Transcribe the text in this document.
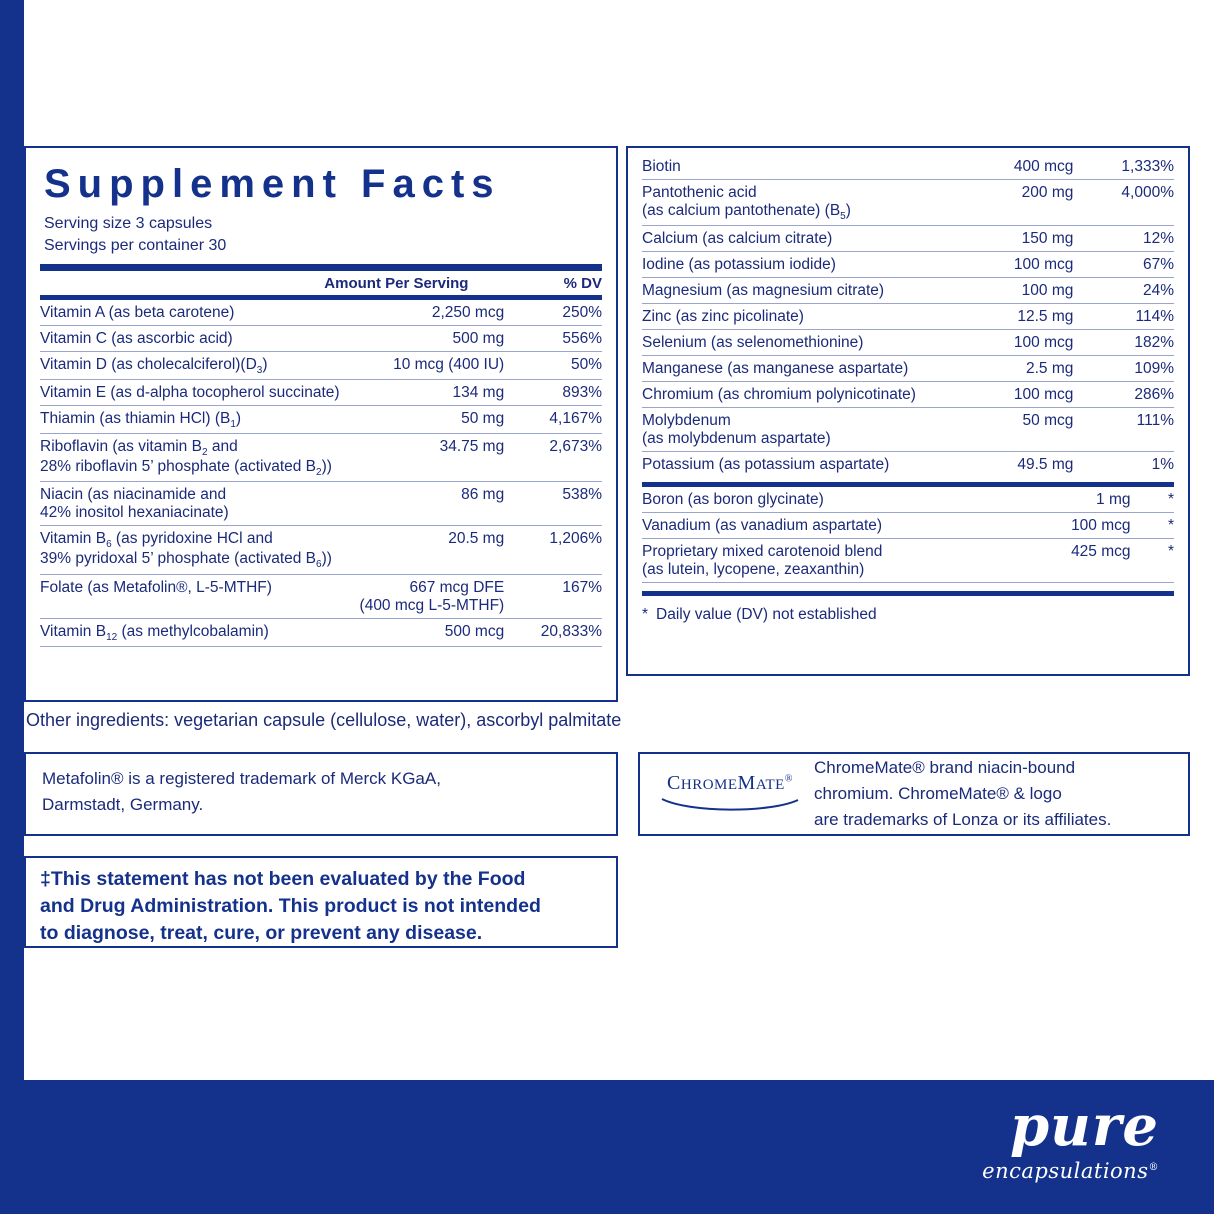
Supplement Facts
Serving size 3 capsules
Servings per container 30
	Amount Per Serving	% DV
Vitamin A (as beta carotene)	2,250 mcg	250%
Vitamin C (as ascorbic acid)	500 mg	556%
Vitamin D (as $cholecalciferol)(D_3)$	10 mcg (400 IU)	50%
Vitamin E (as d-alpha tocopherol succinate)	134 mg	893%
Thiamin (as thiamin HCl) $(B_1)$	50 mg	4,167%
Riboflavin (as vitamin $B_2$ and	34.75 mg	2,673%
28% riboflavin 5’ phosphate (activated $B_2$))		
Niacin (as niacinamide and	86 mg	538%
42% inositol hexaniacinate)		
Vitamin $B_6$ (as pyridoxine HCl and	20.5 mg	1,206%
39% pyridoxal 5’ phosphate (activated $B_6$))		
Folate (as Metafolin®, L-5-MTHF)	667 mcg DFE	167%
	(400 mcg L-5-MTHF)	
Vitamin $B_{12}$ (as methylcobalamin)	500 mcg	20,833%
Biotin	400 mcg	1,333%
Pantothenic acid	200 mg	4,000%
(as calcium pantothenate) $(B_5)$		
Calcium (as calcium citrate)	150 mg	12%
Iodine (as potassium iodide)	100 mcg	67%
Magnesium (as magnesium citrate)	100 mg	24%
Zinc (as zinc picolinate)	12.5 mg	114%
Selenium (as selenomethionine)	100 mcg	182%
Manganese (as manganese aspartate)	2.5 mg	109%
Chromium (as chromium polynicotinate)	100 mcg	286%
Molybdenum	50 mcg	111%
(as molybdenum aspartate)		
Potassium (as potassium aspartate)	49.5 mg	1%
Boron (as boron glycinate)	1 mg	*
Vanadium (as vanadium aspartate)	100 mcg	*
Proprietary mixed carotenoid blend	425 mcg	*
(as lutein, lycopene, zeaxanthin)		
* Daily value (DV) not established
Other ingredients: vegetarian capsule (cellulose, water), ascorbyl palmitate
Metafolin® is a registered trademark of Merck KGaA,
Darmstadt, Germany.
CHROMEMATE®
ChromeMate® brand niacin-bound
chromium. ChromeMate® & logo
are trademarks of Lonza or its affiliates.
‡This statement has not been evaluated by the Food
and Drug Administration. This product is not intended
to diagnose, treat, cure, or prevent any disease.
pure
encapsulations®
